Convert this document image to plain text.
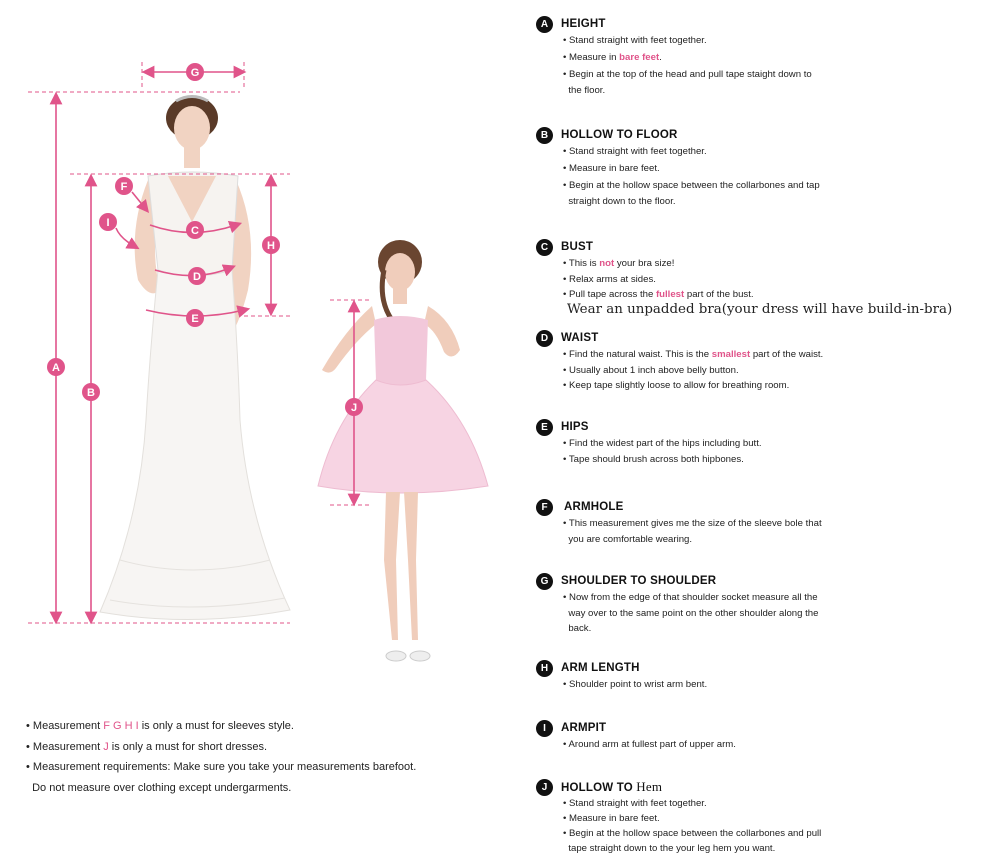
A
B
C
D
E
F
G
H
I
J
• Measurement F G H I is only a must for sleeves style.
• Measurement J is only a must for short dresses.
• Measurement requirements: Make sure you take your measurements barefoot.
Do not measure over clothing except undergarments.
A	HEIGHT
• Stand straight with feet together.
• Measure in bare feet.
• Begin at the top of the head and pull tape staight down to
the floor.
B	HOLLOW TO FLOOR
• Stand straight with feet together.
• Measure in bare feet.
• Begin at the hollow space between the collarbones and tap
straight down to the floor.
C	BUST
• This is not your bra size!
• Relax arms at sides.
• Pull tape across the fullest part of the bust.
Wear an unpadded bra(your dress will have build-in-bra)
D	WAIST
• Find the natural waist. This is the smallest part of the waist.
• Usually about 1 inch above belly button.
• Keep tape slightly loose to allow for breathing room.
E	HIPS
• Find the widest part of the hips including butt.
• Tape should brush across both hipbones.
F	ARMHOLE
• This measurement gives me the size of the sleeve bole that
you are comfortable wearing.
G	SHOULDER TO SHOULDER
• Now from the edge of that shoulder socket measure all the
way over to the same point on the other shoulder along the
back.
H	ARM LENGTH
• Shoulder point to wrist arm bent.
I	ARMPIT
• Around arm at fullest part of upper arm.
J	HOLLOW TO Hem
• Stand straight with feet together.
• Measure in bare feet.
• Begin at the hollow space between the collarbones and pull
tape straight down to the your leg hem you want.
